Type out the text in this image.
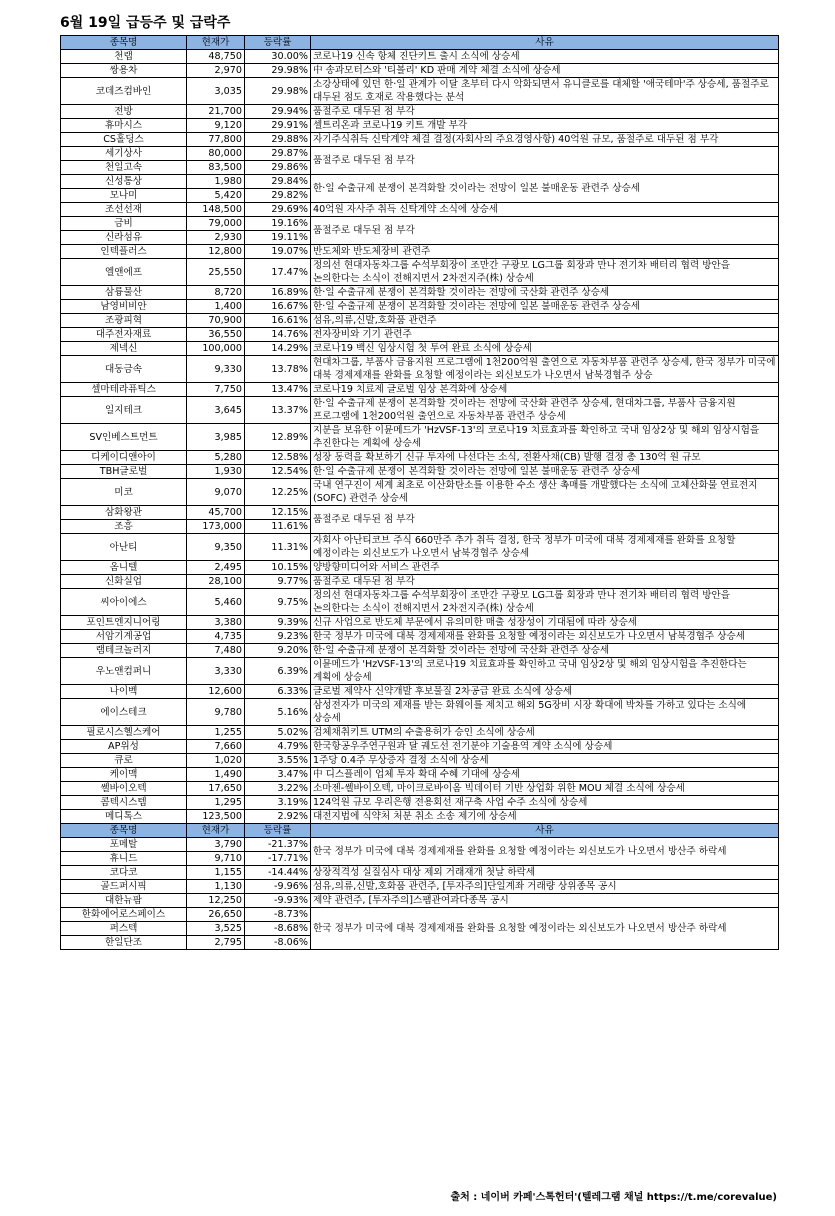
6월 19일 급등주 및 급락주
종목명	현재가	등락률	사유
천랩	48,750	30.00%	코로나19 신속 항체 진단키트 출시 소식에 상승세
쌍용차	2,970	29.98%	中 송과모터스와 '티볼리' KD 판매 계약 체결 소식에 상승세
코데즈컴바인	3,035	29.98%	소강상태에 있던 한·일 관계가 이달 초부터 다시 악화되면서 유니클로를 대체할 '애국테마'주 상승세, 품절주로 대두된 점도 호재로 작용했다는 분석
전방	21,700	29.94%	품절주로 대두된 점 부각
휴마시스	9,120	29.91%	셀트리온과 코로나19 키트 개발 부각
CS홀딩스	77,800	29.88%	자기주식취득 신탁계약 체결 결정(자회사의 주요경영사항) 40억원 규모, 품절주로 대두된 점 부각
세기상사	80,000	29.87%	품절주로 대두된 점 부각
천일고속	83,500	29.86%	
신성통상	1,980	29.84%	한·일 수출규제 분쟁이 본격화할 것이라는 전망이 일본 불매운동 관련주 상승세
모나미	5,420	29.82%	
조선선재	148,500	29.69%	40억원 자사주 취득 신탁계약 소식에 상승세
금비	79,000	19.16%	품절주로 대두된 점 부각
신라섬유	2,930	19.11%	
인텍플러스	12,800	19.07%	반도체와 반도체장비 관련주
엘앤에프	25,550	17.47%	정의선 현대자동차그룹 수석부회장이 조만간 구광모 LG그룹 회장과 만나 전기차 배터리 협력 방안을 논의한다는 소식이 전해지면서 2차전지주(株) 상승세
삼륭물산	8,720	16.89%	한·일 수출규제 분쟁이 본격화할 것이라는 전망에 국산화 관련주 상승세
남영비비안	1,400	16.67%	한·일 수출규제 분쟁이 본격화할 것이라는 전망에 일본 불매운동 관련주 상승세
조광피혁	70,900	16.61%	섬유,의류,신발,호화품 관련주
대주전자재료	36,550	14.76%	전자장비와 기기 관련주
제넥신	100,000	14.29%	코로나19 백신 임상시험 첫 투여 완료 소식에 상승세
대동금속	9,330	13.78%	현대차그룹, 부품사 금융지원 프로그램에 1천200억원 출연으로 자동차부품 관련주 상승세, 한국 정부가 미국에 대북 경제제재를 완화를 요청할 예정이라는 외신보도가 나오면서 남북경협주 상승
셀마테라퓨틱스	7,750	13.47%	코로나19 치료제 글로벌 임상 본격화에 상승세
일지테크	3,645	13.37%	한·일 수출규제 분쟁이 본격화할 것이라는 전망에 국산화 관련주 상승세, 현대차그룹, 부품사 금융지원 프로그램에 1천200억원 출연으로 자동차부품 관련주 상승세
SV인베스트먼트	3,985	12.89%	지분을 보유한 이뮨메드가 'HzVSF-13'의 코로나19 치료효과를 확인하고 국내 임상2상 및 해외 임상시험을 추진한다는 계획에 상승세
디케이디앤아이	5,280	12.58%	성장 동력을 확보하기 신규 투자에 나선다는 소식, 전환사채(CB) 발행 결정 총 130억 원 규모
TBH글로벌	1,930	12.54%	한·일 수출규제 분쟁이 본격화할 것이라는 전망에 일본 불매운동 관련주 상승세
미코	9,070	12.25%	국내 연구진이 세계 최초로 이산화탄소를 이용한 수소 생산 촉매를 개발했다는 소식에 고체산화물 연료전지(SOFC) 관련주 상승세
삼화왕관	45,700	12.15%	품절주로 대두된 점 부각
조흥	173,000	11.61%	
아난티	9,350	11.31%	자회사 아난티코브 주식 660만주 추가 취득 결정, 한국 정부가 미국에 대북 경제제재를 완화를 요청할 예정이라는 외신보도가 나오면서 남북경협주 상승세
옴니텔	2,495	10.15%	양방향미디어와 서비스 관련주
신화실업	28,100	9.77%	품절주로 대두된 점 부각
씨아이에스	5,460	9.75%	정의선 현대자동차그룹 수석부회장이 조만간 구광모 LG그룹 회장과 만나 전기차 배터리 협력 방안을 논의한다는 소식이 전해지면서 2차전지주(株) 상승세
포인트엔지니어링	3,380	9.39%	신규 사업으로 반도체 부문에서 유의미한 매출 성장성이 기대됨에 따라 상승세
서암기계공업	4,735	9.23%	한국 정부가 미국에 대북 경제제재를 완화를 요청할 예정이라는 외신보도가 나오면서 남북경협주 상승세
램테크놀러지	7,480	9.20%	한·일 수출규제 분쟁이 본격화할 것이라는 전망에 국산화 관련주 상승세
우노앤컴퍼니	3,330	6.39%	이뮨메드가 'HzVSF-13'의 코로나19 치료효과를 확인하고 국내 임상2상 및 해외 임상시험을 추진한다는 계획에 상승세
나이벡	12,600	6.33%	글로벌 제약사 신약개발 후보물질 2차공급 완료 소식에 상승세
에이스테크	9,780	5.16%	삼성전자가 미국의 제재를 받는 화웨이를 제치고 해외 5G장비 시장 확대에 박차를 가하고 있다는 소식에 상승세
필로시스헬스케어	1,255	5.02%	검체채취키트 UTM의 수출용허가 승인 소식에 상승세
AP위성	7,660	4.79%	한국항공우주연구원과 달 궤도선 전기분야 기술용역 계약 소식에 상승세
큐로	1,020	3.55%	1주당 0.4주 무상증자 결정 소식에 상승세
케이맥	1,490	3.47%	中 디스플레이 업체 투자 확대 수혜 기대에 상승세
쎌바이오텍	17,650	3.22%	소마젠-쎌바이오텍, 마이크로바이옴 빅데이터 기반 상업화 위한 MOU 체결 소식에 상승세
콤텍시스템	1,295	3.19%	124억원 규모 우리은행 전용회선 재구축 사업 수주 소식에 상승세
메디톡스	123,500	2.92%	대전지법에 식약처 처분 취소 소송 제기에 상승세
종목명	현재가	등락률	사유
포메탈	3,790	-21.37%	한국 정부가 미국에 대북 경제제재를 완화를 요청할 예정이라는 외신보도가 나오면서 방산주 하락세
휴니드	9,710	-17.71%	
코다코	1,155	-14.44%	상장적격성 실질심사 대상 제외 거래재개 첫날 하락세
골드퍼시픽	1,130	-9.96%	섬유,의류,신발,호화품 관련주, [투자주의]단일계좌 거래량 상위종목 공시
대한뉴팜	12,250	-9.93%	제약 관련주, [투자주의]스팸관여과다종목 공시
한화에어로스페이스	26,650	-8.73%	한국 정부가 미국에 대북 경제제재를 완화를 요청할 예정이라는 외신보도가 나오면서 방산주 하락세
퍼스텍	3,525	-8.68%	
한일단조	2,795	-8.06%	
출처 : 네이버 카페'스톡헌터'(텔레그램 채널 https://t.me/corevalue)
